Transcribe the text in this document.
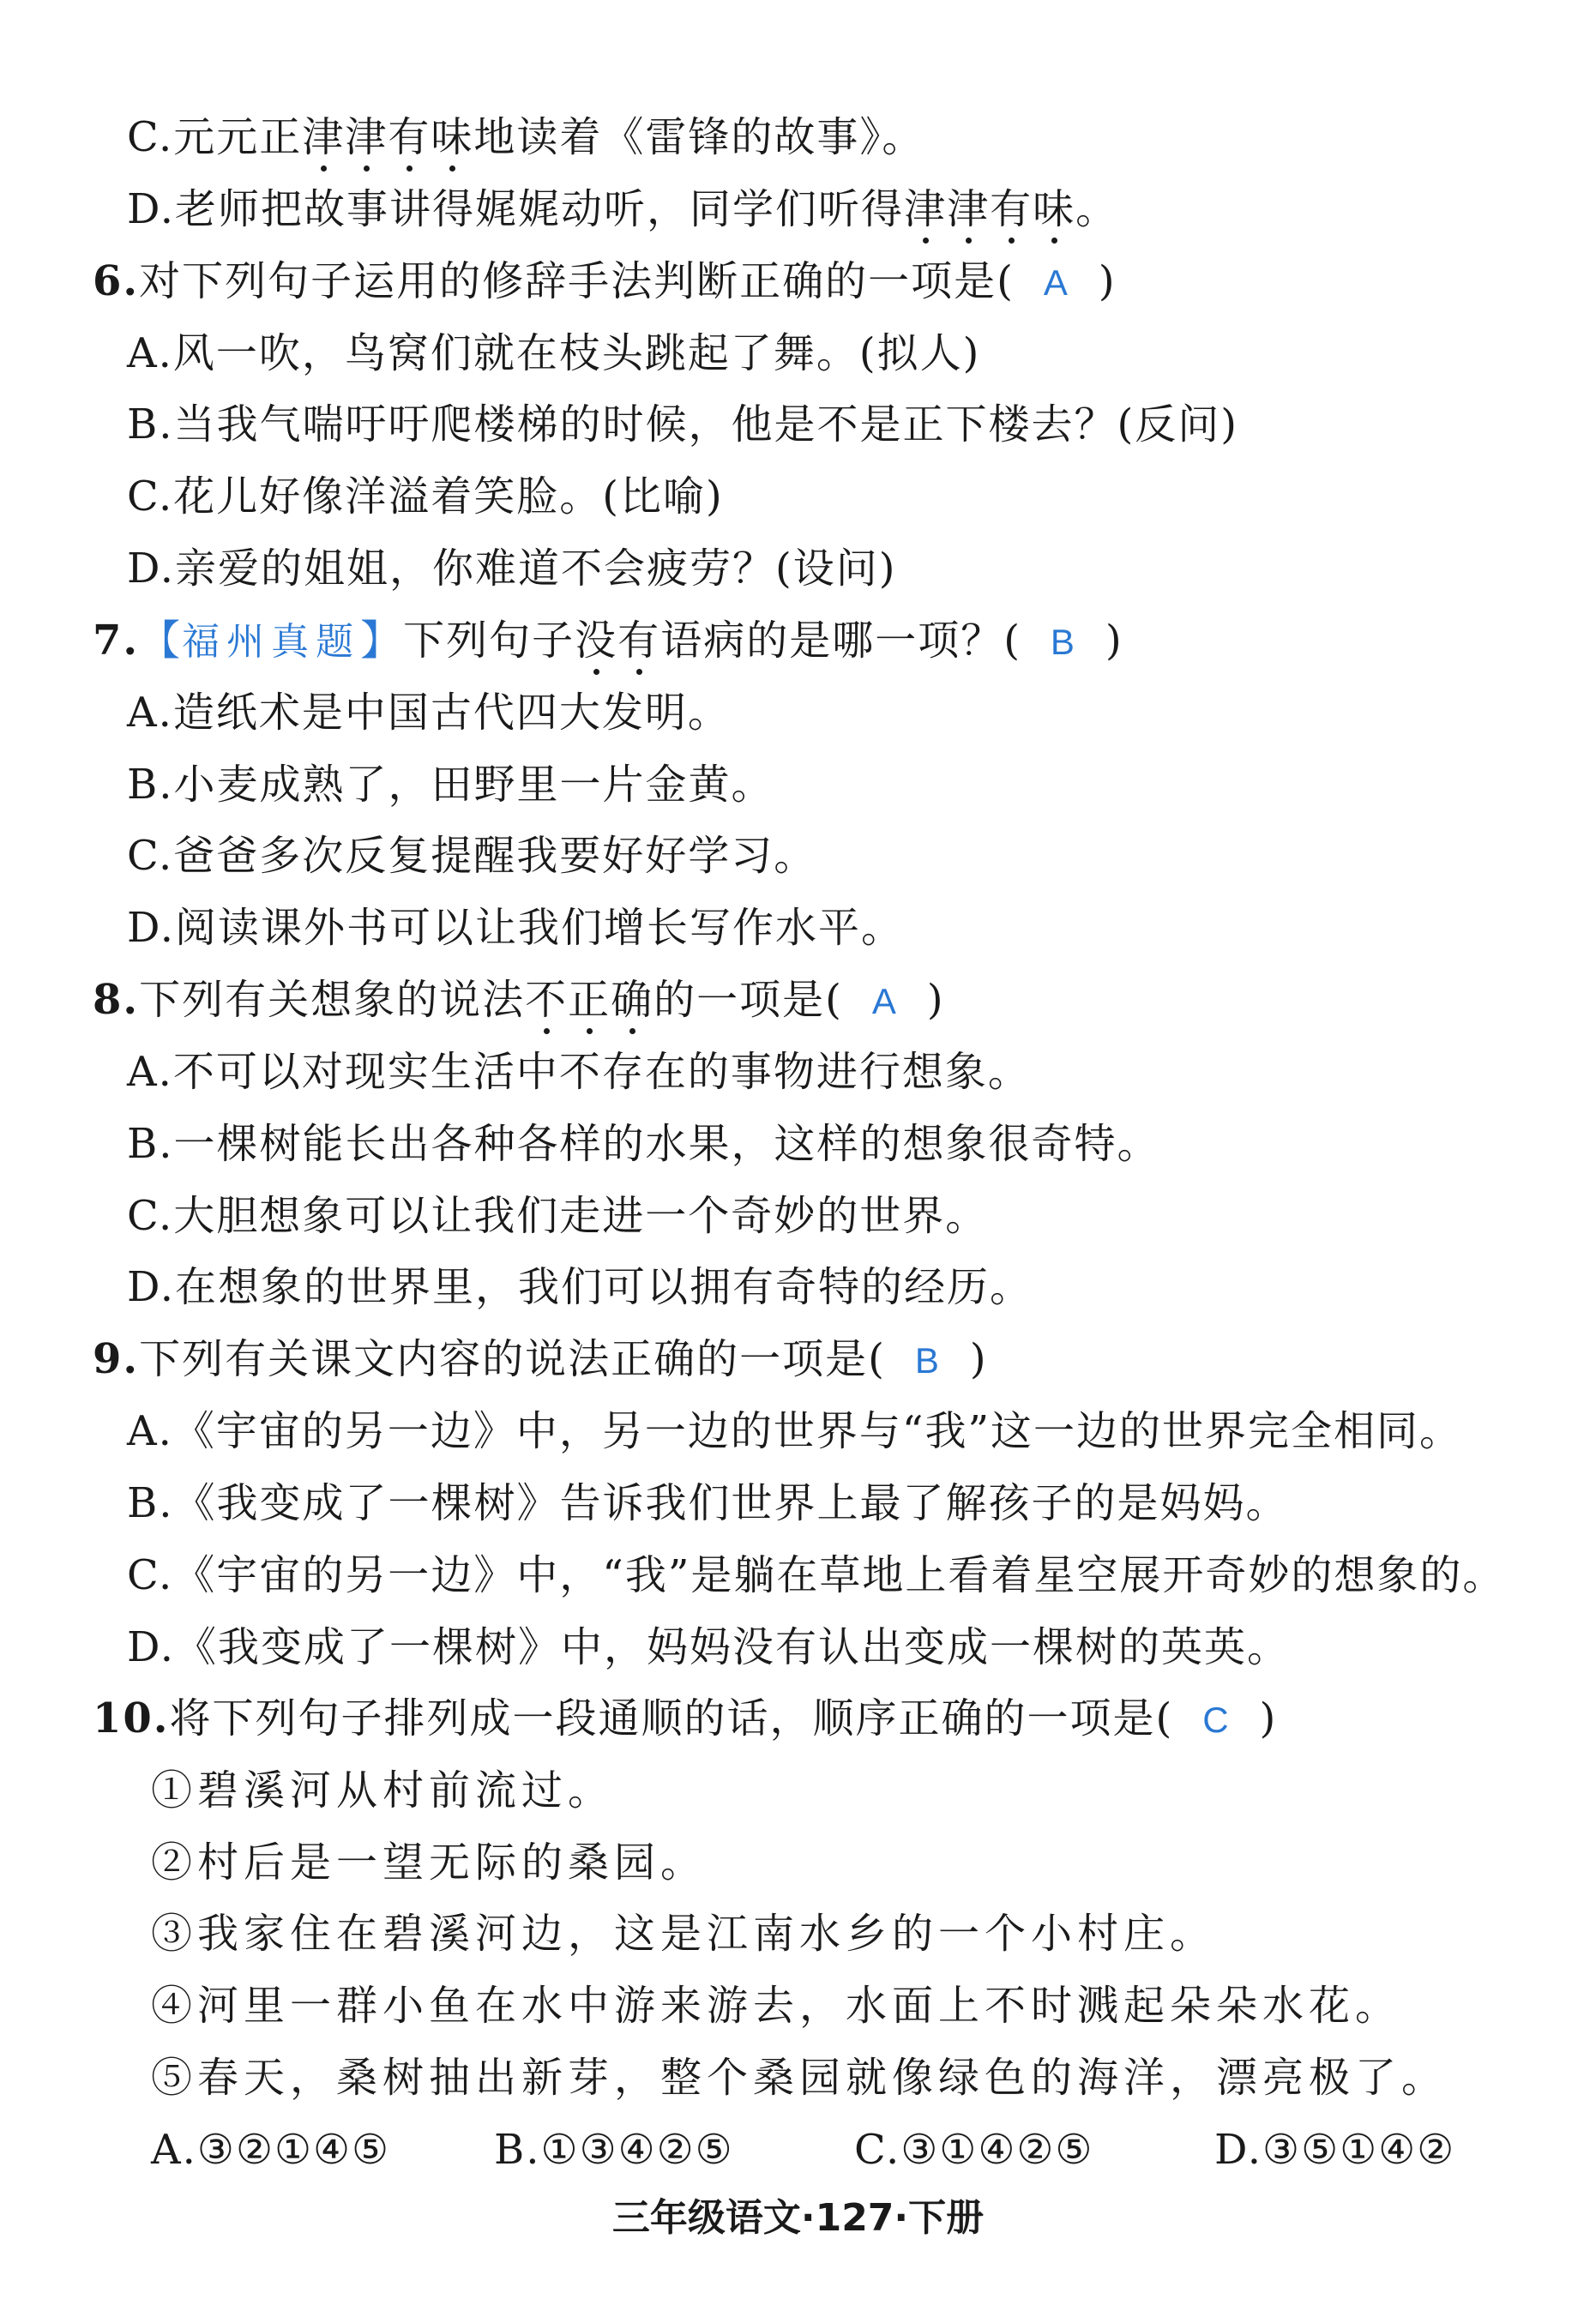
C.元元正津津有味地读着《雷锋的故事》。
D.老师把故事讲得娓娓动听，同学们听得津津有味。
6.对下列句子运用的修辞手法判断正确的一项是( A )
A.风一吹，鸟窝们就在枝头跳起了舞。(拟人)
B.当我气喘吁吁爬楼梯的时候，他是不是正下楼去？(反问)
C.花儿好像洋溢着笑脸。(比喻)
D.亲爱的姐姐，你难道不会疲劳？(设问)
7.【福州真题】下列句子没有语病的是哪一项？( B )
A.造纸术是中国古代四大发明。
B.小麦成熟了，田野里一片金黄。
C.爸爸多次反复提醒我要好好学习。
D.阅读课外书可以让我们增长写作水平。
8.下列有关想象的说法不正确的一项是( A )
A.不可以对现实生活中不存在的事物进行想象。
B.一棵树能长出各种各样的水果，这样的想象很奇特。
C.大胆想象可以让我们走进一个奇妙的世界。
D.在想象的世界里，我们可以拥有奇特的经历。
9.下列有关课文内容的说法正确的一项是( B )
A.《宇宙的另一边》中，另一边的世界与“我”这一边的世界完全相同。
B.《我变成了一棵树》告诉我们世界上最了解孩子的是妈妈。
C.《宇宙的另一边》中，“我”是躺在草地上看着星空展开奇妙的想象的。
D.《我变成了一棵树》中，妈妈没有认出变成一棵树的英英。
10.将下列句子排列成一段通顺的话，顺序正确的一项是( C )
①碧溪河从村前流过。
②村后是一望无际的桑园。
③我家住在碧溪河边，这是江南水乡的一个小村庄。
④河里一群小鱼在水中游来游去，水面上不时溅起朵朵水花。
⑤春天，桑树抽出新芽，整个桑园就像绿色的海洋，漂亮极了。
A.③②①④⑤	B.①③④②⑤	C.③①④②⑤	D.③⑤①④②
三年级语文·127·下册
